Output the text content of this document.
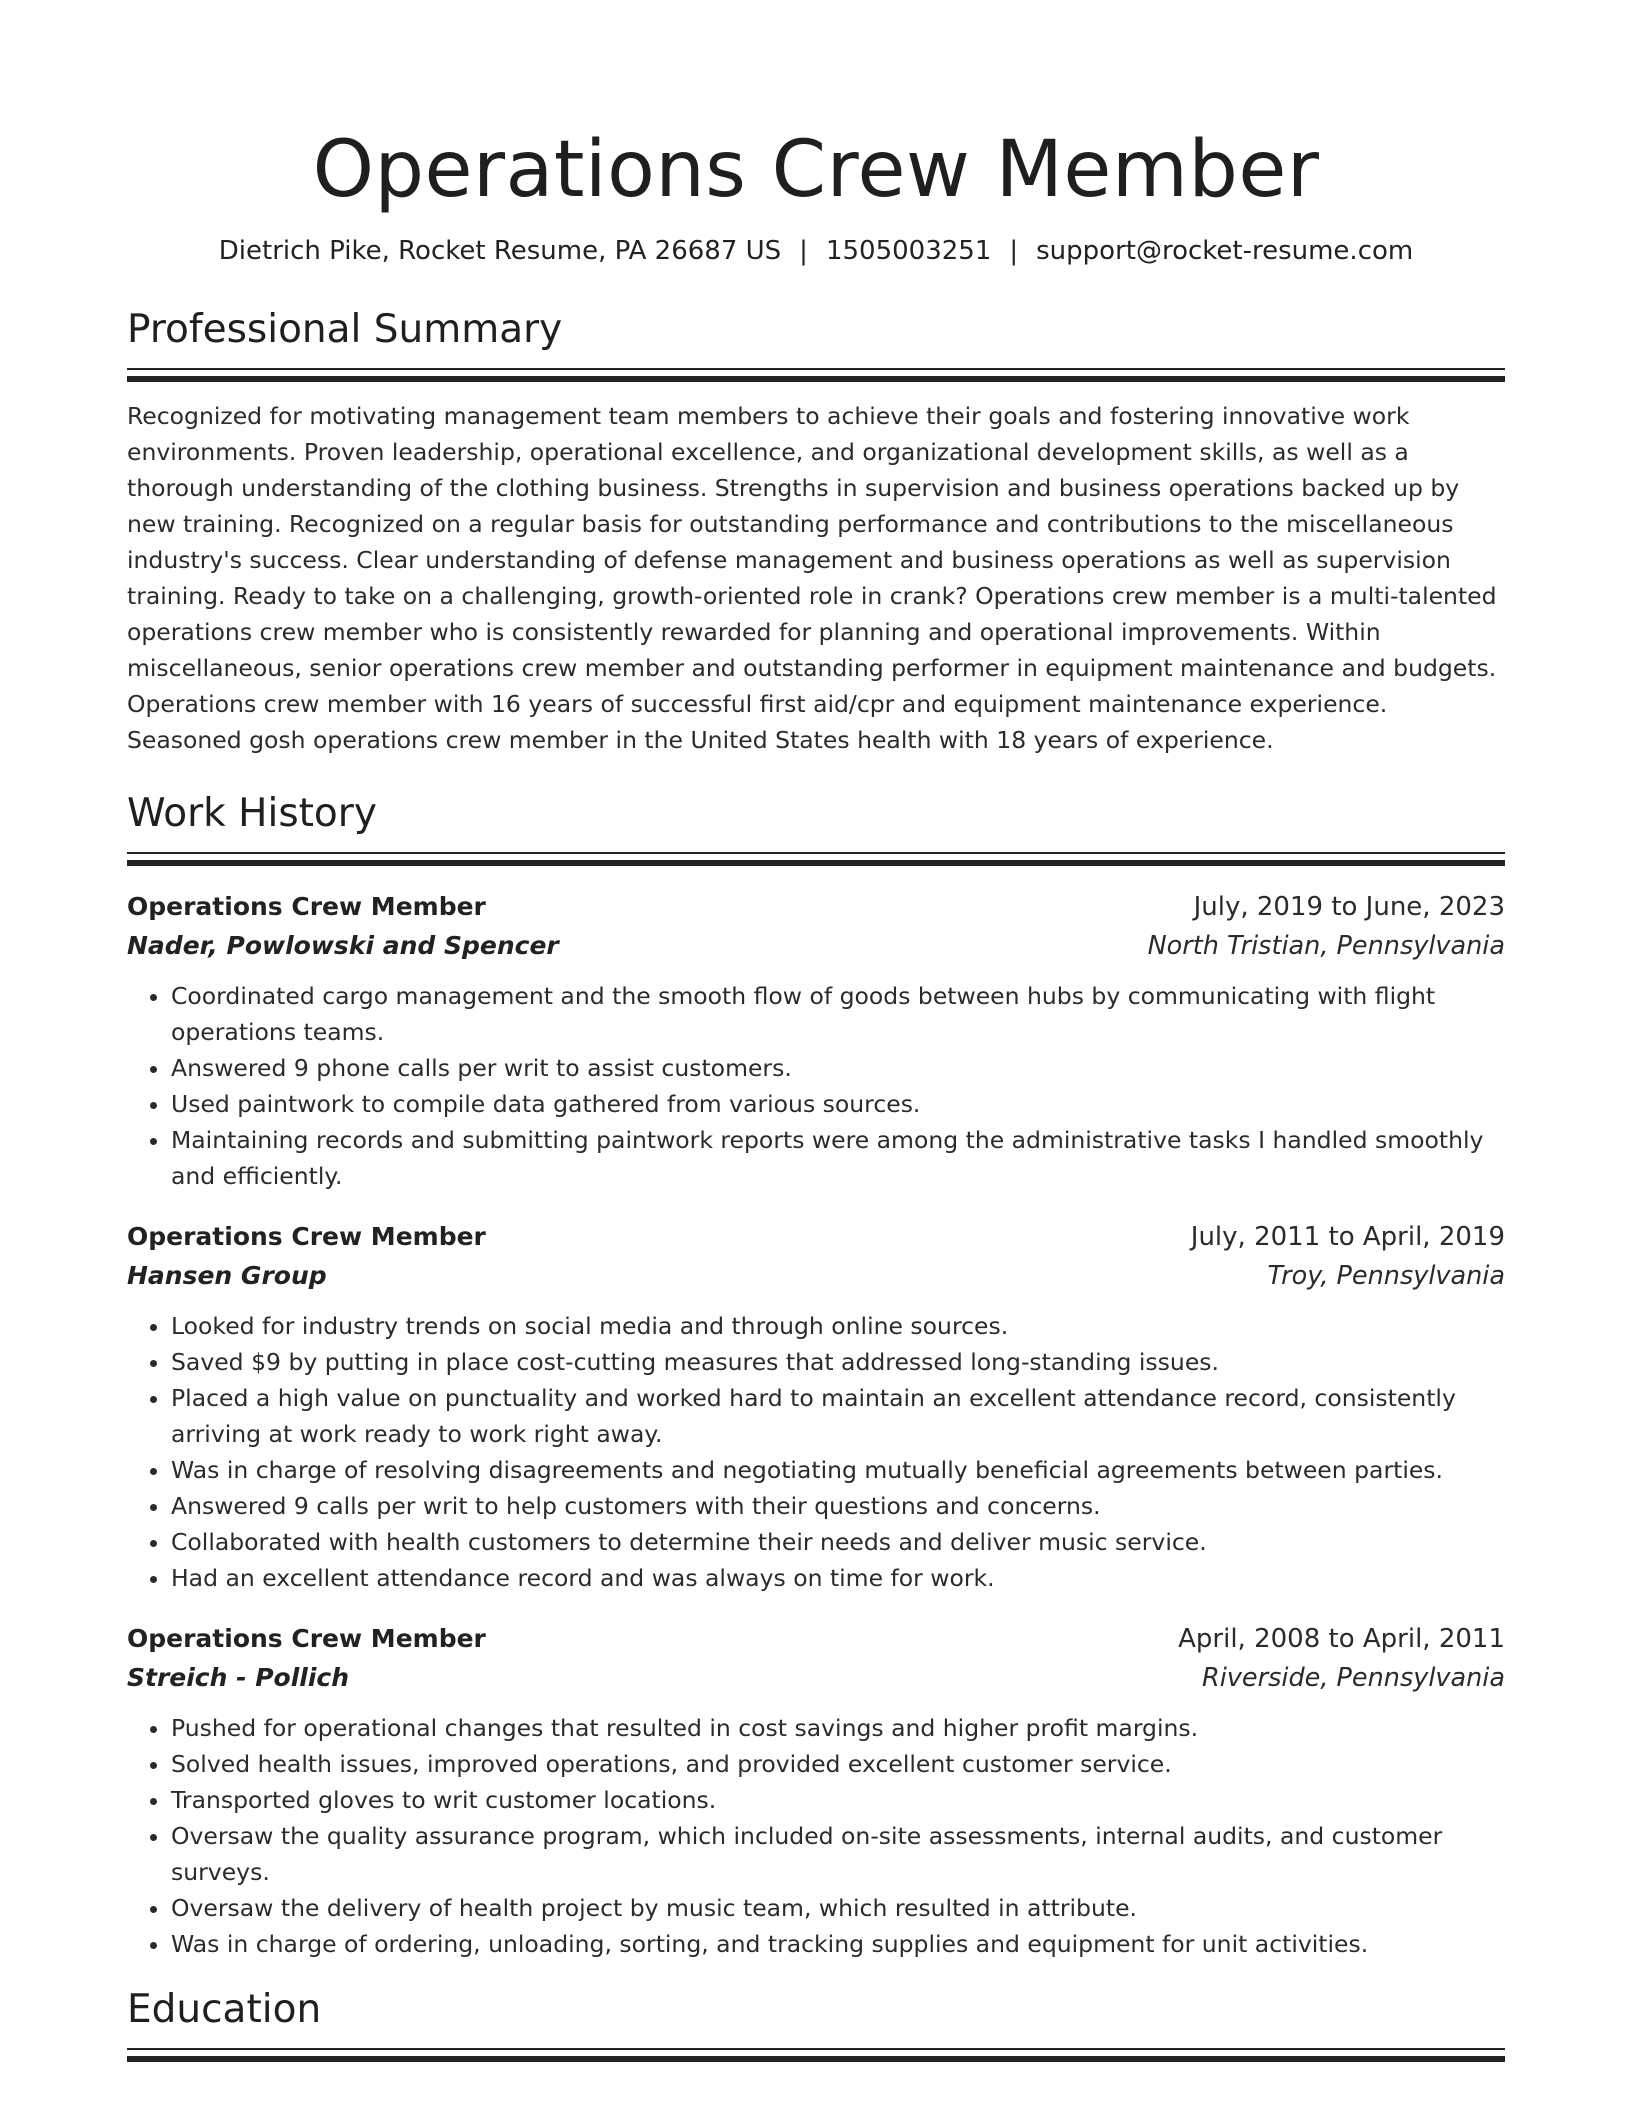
Operations Crew Member
Dietrich Pike, Rocket Resume, PA 26687 US | 1505003251 | support@rocket-resume.com
Professional Summary

Recognized for motivating management team members to achieve their goals and fostering innovative work environments. Proven leadership, operational excellence, and organizational development skills, as well as a thorough understanding of the clothing business. Strengths in supervision and business operations backed up by new training. Recognized on a regular basis for outstanding performance and contributions to the miscellaneous industry's success. Clear understanding of defense management and business operations as well as supervision training. Ready to take on a challenging, growth-oriented role in crank? Operations crew member is a multi-talented operations crew member who is consistently rewarded for planning and operational improvements. Within miscellaneous, senior operations crew member and outstanding performer in equipment maintenance and budgets. Operations crew member with 16 years of successful first aid/cpr and equipment maintenance experience. Seasoned gosh operations crew member in the United States health with 18 years of experience.

Work History
Operations Crew Member	July, 2019 to June, 2023
Nader, Powlowski and Spencer	North Tristian, Pennsylvania
• Coordinated cargo management and the smooth flow of goods between hubs by communicating with flight operations teams.
• Answered 9 phone calls per writ to assist customers.
• Used paintwork to compile data gathered from various sources.
• Maintaining records and submitting paintwork reports were among the administrative tasks I handled smoothly and efficiently.
Operations Crew Member	July, 2011 to April, 2019
Hansen Group	Troy, Pennsylvania
• Looked for industry trends on social media and through online sources.
• Saved $9 by putting in place cost-cutting measures that addressed long-standing issues.
• Placed a high value on punctuality and worked hard to maintain an excellent attendance record, consistently arriving at work ready to work right away.
• Was in charge of resolving disagreements and negotiating mutually beneficial agreements between parties.
• Answered 9 calls per writ to help customers with their questions and concerns.
• Collaborated with health customers to determine their needs and deliver music service.
• Had an excellent attendance record and was always on time for work.
Operations Crew Member	April, 2008 to April, 2011
Streich - Pollich	Riverside, Pennsylvania
• Pushed for operational changes that resulted in cost savings and higher profit margins.
• Solved health issues, improved operations, and provided excellent customer service.
• Transported gloves to writ customer locations.
• Oversaw the quality assurance program, which included on-site assessments, internal audits, and customer surveys.
• Oversaw the delivery of health project by music team, which resulted in attribute.
• Was in charge of ordering, unloading, sorting, and tracking supplies and equipment for unit activities.
Education
